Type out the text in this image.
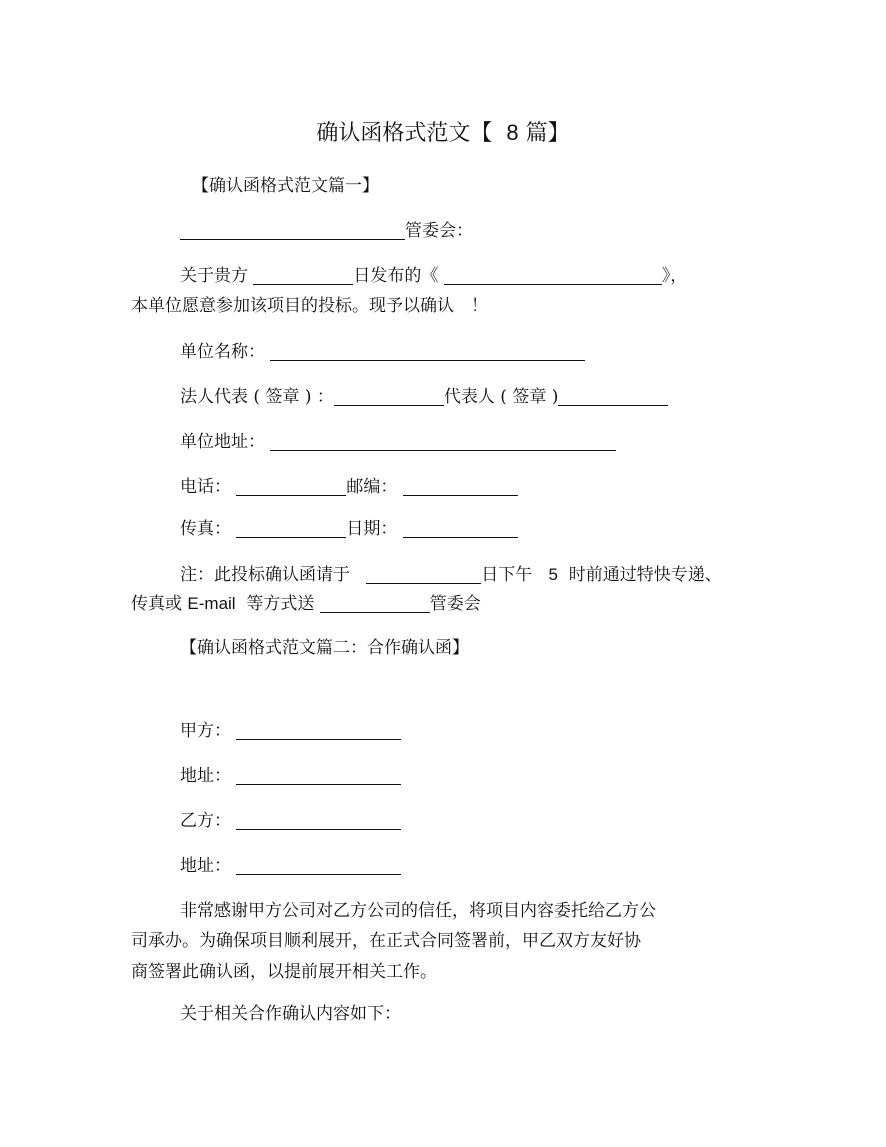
确认函格式范文【 8 篇】
【确认函格式范文篇一】
管委会：
关于贵方	日发布的《	》，
本单位愿意参加该项目的投标。现予以确认　！
单位名称：
法人代表 ( 签章 ) ：	代表人 ( 签章 )
单位地址：
电话：	邮编：
传真：	日期：
注：此投标确认函请于	日下午 5 时前通过特快专递、
传真或 E-mail 等方式送	管委会
【确认函格式范文篇二：合作确认函】
甲方：
地址：
乙方：
地址：
非常感谢甲方公司对乙方公司的信任，将项目内容委托给乙方公
司承办。为确保项目顺利展开，在正式合同签署前，甲乙双方友好协
商签署此确认函，以提前展开相关工作。
关于相关合作确认内容如下：
